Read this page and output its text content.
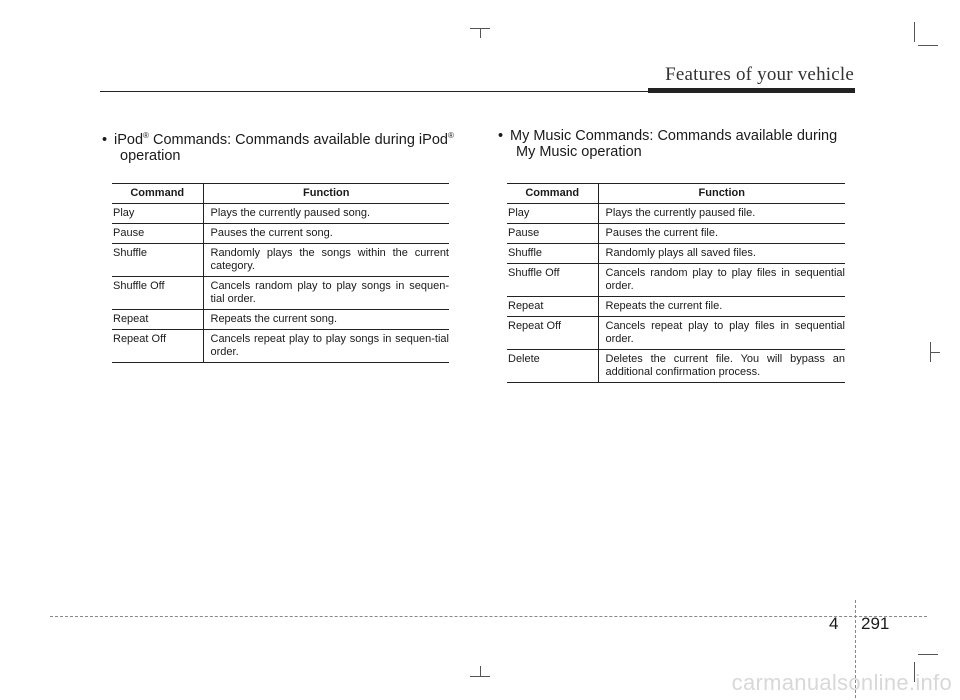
Features of your vehicle
• iPod® Commands: Commands available during iPod®
operation
Command	Function
Play	Plays the currently paused song.
Pause	Pauses the current song.
Shuffle	Randomly plays the songs within the current category.
Shuffle Off	Cancels random play to play songs in sequen-tial order.
Repeat	Repeats the current song.
Repeat Off	Cancels repeat play to play songs in sequen-tial order.
• My Music Commands: Commands available during
My Music operation
Command	Function
Play	Plays the currently paused file.
Pause	Pauses the current file.
Shuffle	Randomly plays all saved files.
Shuffle Off	Cancels random play to play files in sequential order.
Repeat	Repeats the current file.
Repeat Off	Cancels repeat play to play files in sequential order.
Delete	Deletes the current file. You will bypass an additional confirmation process.
4 291
carmanualsonline.info
